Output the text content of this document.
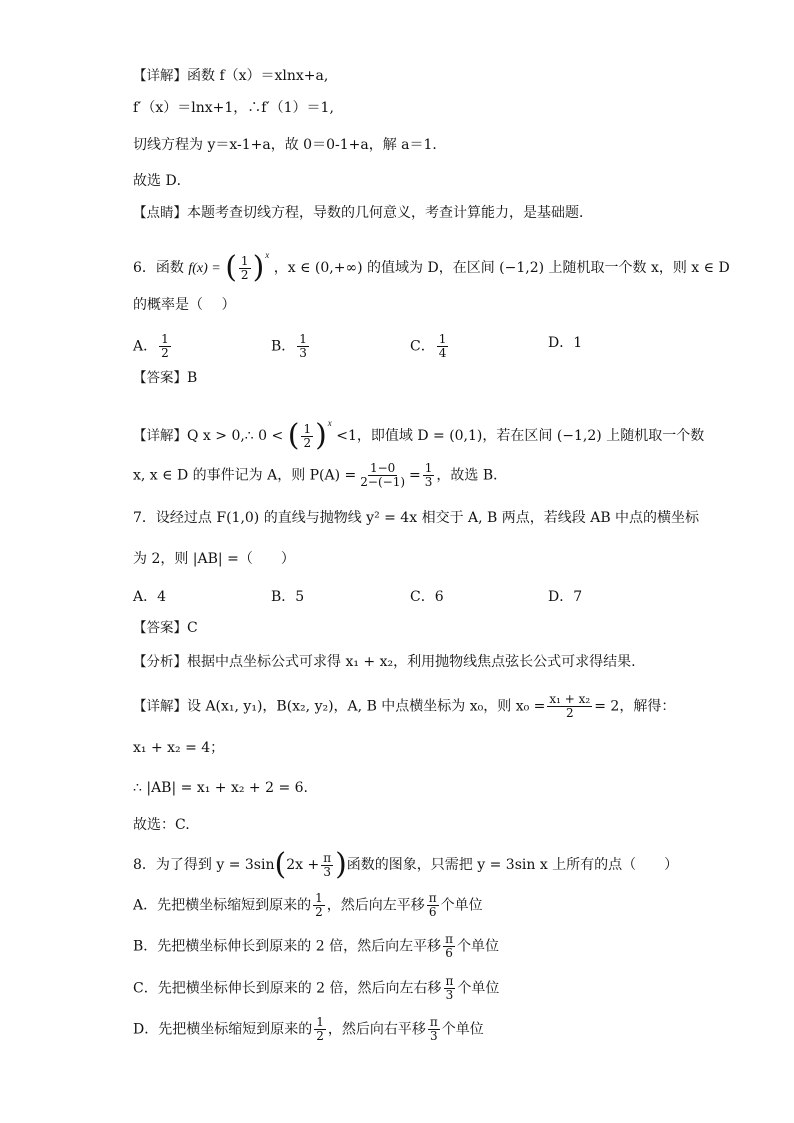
【详解】函数 f（x）＝xlnx+a,
f′（x）＝lnx+1，∴f′（1）＝1,
切线方程为 y＝x-1+a，故 0＝0-1+a，解 a＝1．
故选 D．
【点睛】本题考查切线方程，导数的几何意义，考查计算能力，是基础题．
6．函数 f(x) = ( $\frac{1}{2} )^x$ ，x ∈ (0,+∞) 的值域为 D，在区间 (−1,2) 上随机取一个数 x，则 x ∈ D
的概率是（　 ）
A． $\frac{1}{2}$	B． $\frac{1}{3}$	C． $\frac{1}{4}$	D．1
【答案】B
【详解】Q x > 0,∴ 0 < ( $\frac{1}{2} )^x <1$，即值域 D = (0,1)，若在区间 (−1,2) 上随机取一个数
x, x ∈ D 的事件记为 A，则 $P(A) = \frac{1-0}{2-(-1)} = \frac{1}{3}$ ，故选 B．
7．设经过点 F(1,0) 的直线与抛物线 y² = 4x 相交于 A, B 两点，若线段 AB 中点的横坐标
为 2，则 |AB| =（　　）
A．4	B．5	C．6	D．7
【答案】C
【分析】根据中点坐标公式可求得 x₁ + x₂，利用抛物线焦点弦长公式可求得结果.
【详解】设 A(x₁, y₁)，B(x₂, y₂)，A, B 中点横坐标为 x₀，则 $x_0 = \frac{\text{x₁ + x₂}}{2} = 2$，解得：
x₁ + x₂ = 4；
∴ |AB| = x₁ + x₂ + 2 = 6.
故选：C.
8．为了得到 $y = 3\sin(2x + \frac{\pi}{3}$ )函数的图象，只需把 y = 3sin x 上所有的点（　　）
A．先把横坐标缩短到原来的 $\frac{1}{2}$ ，然后向左平移 $\frac{\pi}{6}$ 个单位
B．先把横坐标伸长到原来的 2 倍，然后向左平移 $\frac{\pi}{6}$ 个单位
C．先把横坐标伸长到原来的 2 倍，然后向左右移 $\frac{\pi}{3}$ 个单位
D．先把横坐标缩短到原来的 $\frac{1}{2}$ ，然后向右平移 $\frac{\pi}{3}$ 个单位
